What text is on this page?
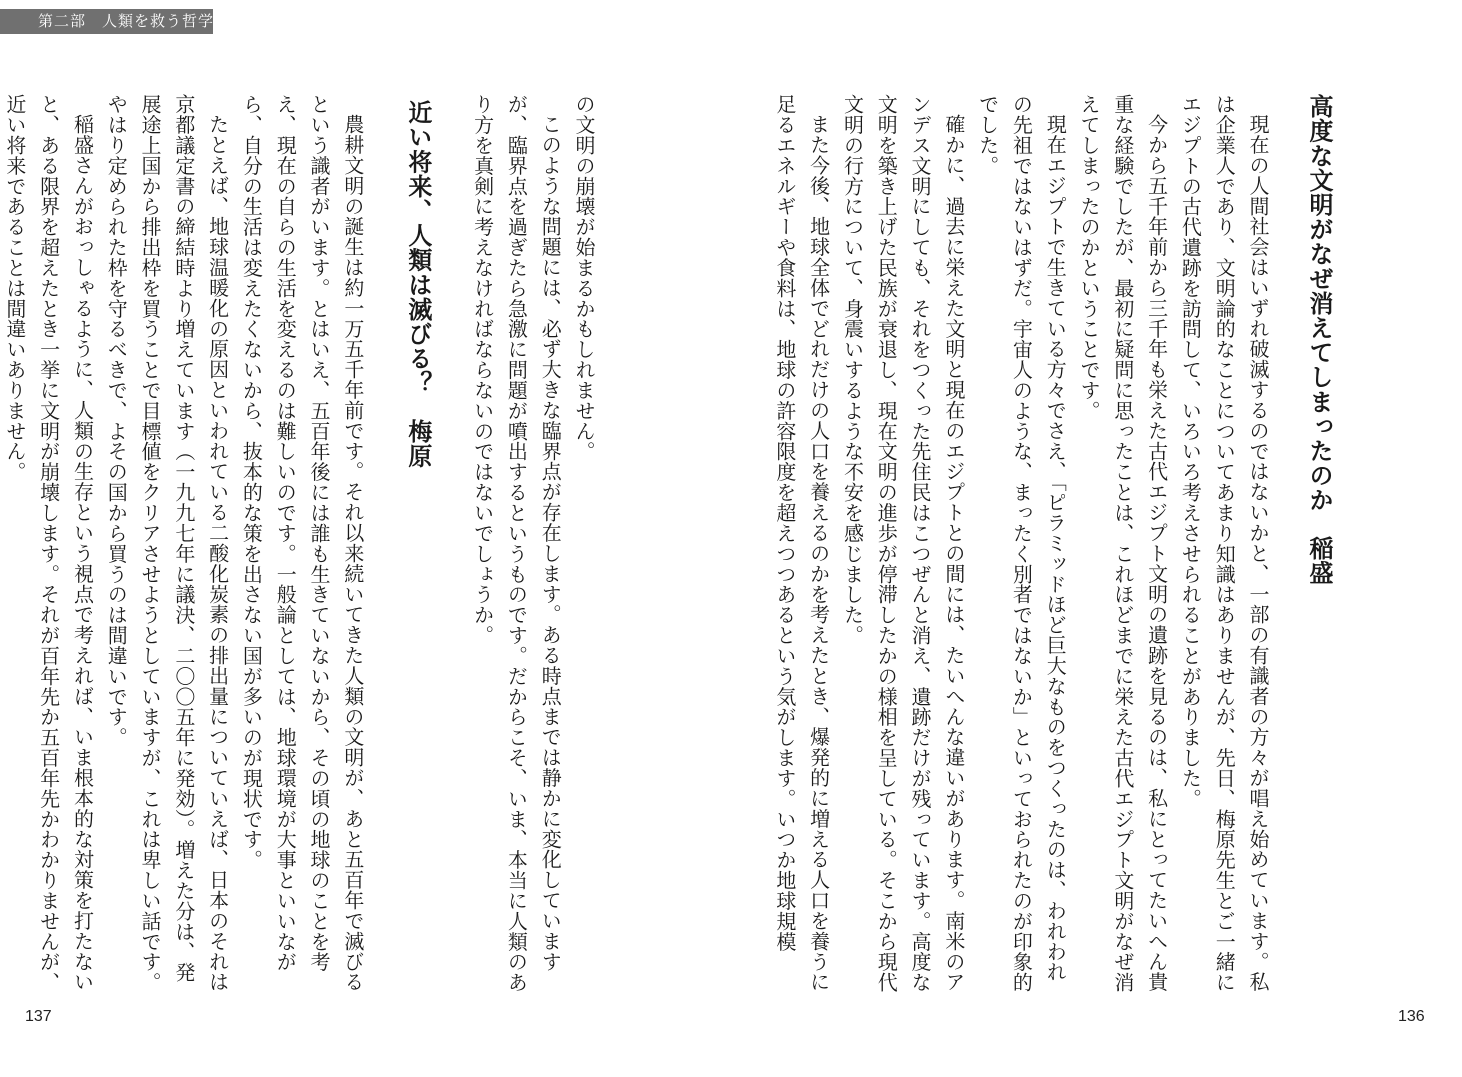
第二部　人類を救う哲学
高度な文明がなぜ消えてしまったのか稲盛

現在の人間社会はいずれ破滅するのではないかと、一部の有識者の方々が唱え始めています。私は企業人であり、文明論的なことについてあまり知識はありませんが、先日、梅原先生とご一緒にエジプトの古代遺跡を訪問して、いろいろ考えさせられることがありました。

今から五千年前から三千年も栄えた古代エジプト文明の遺跡を見るのは、私にとってたいへん貴重な経験でしたが、最初に疑問に思ったことは、これほどまでに栄えた古代エジプト文明がなぜ消えてしまったのかということです。

現在エジプトで生きている方々でさえ、「ピラミッドほど巨大なものをつくったのは、われわれの先祖ではないはずだ。宇宙人のような、まったく別者ではないか」といっておられたのが印象的でした。

確かに、過去に栄えた文明と現在のエジプトとの間には、たいへんな違いがあります。南米のアンデス文明にしても、それをつくった先住民はこつぜんと消え、遺跡だけが残っています。高度な文明を築き上げた民族が衰退し、現在文明の進歩が停滞したかの様相を呈している。そこから現代文明の行方について、身震いするような不安を感じました。

また今後、地球全体でどれだけの人口を養えるのかを考えたとき、爆発的に増える人口を養うに足るエネルギーや食料は、地球の許容限度を超えつつあるという気がします。いつか地球規模

の文明の崩壊が始まるかもしれません。

このような問題には、必ず大きな臨界点が存在します。ある時点までは静かに変化していますが、臨界点を過ぎたら急激に問題が噴出するというものです。だからこそ、いま、本当に人類のあり方を真剣に考えなければならないのではないでしょうか。

近い将来、人類は滅びる？梅原

農耕文明の誕生は約一万五千年前です。それ以来続いてきた人類の文明が、あと五百年で滅びるという識者がいます。とはいえ、五百年後には誰も生きていないから、その頃の地球のことを考え、現在の自らの生活を変えるのは難しいのです。一般論としては、地球環境が大事といいながら、自分の生活は変えたくないから、抜本的な策を出さない国が多いのが現状です。

たとえば、地球温暖化の原因といわれている二酸化炭素の排出量についていえば、日本のそれは京都議定書の締結時より増えています（一九九七年に議決、二〇〇五年に発効）。増えた分は、発展途上国から排出枠を買うことで目標値をクリアさせようとしていますが、これは卑しい話です。やはり定められた枠を守るべきで、よその国から買うのは間違いです。

稲盛さんがおっしゃるように、人類の生存という視点で考えれば、いま根本的な対策を打たないと、ある限界を超えたとき一挙に文明が崩壊します。それが百年先か五百年先かわかりませんが、近い将来であることは間違いありません。

137	136
